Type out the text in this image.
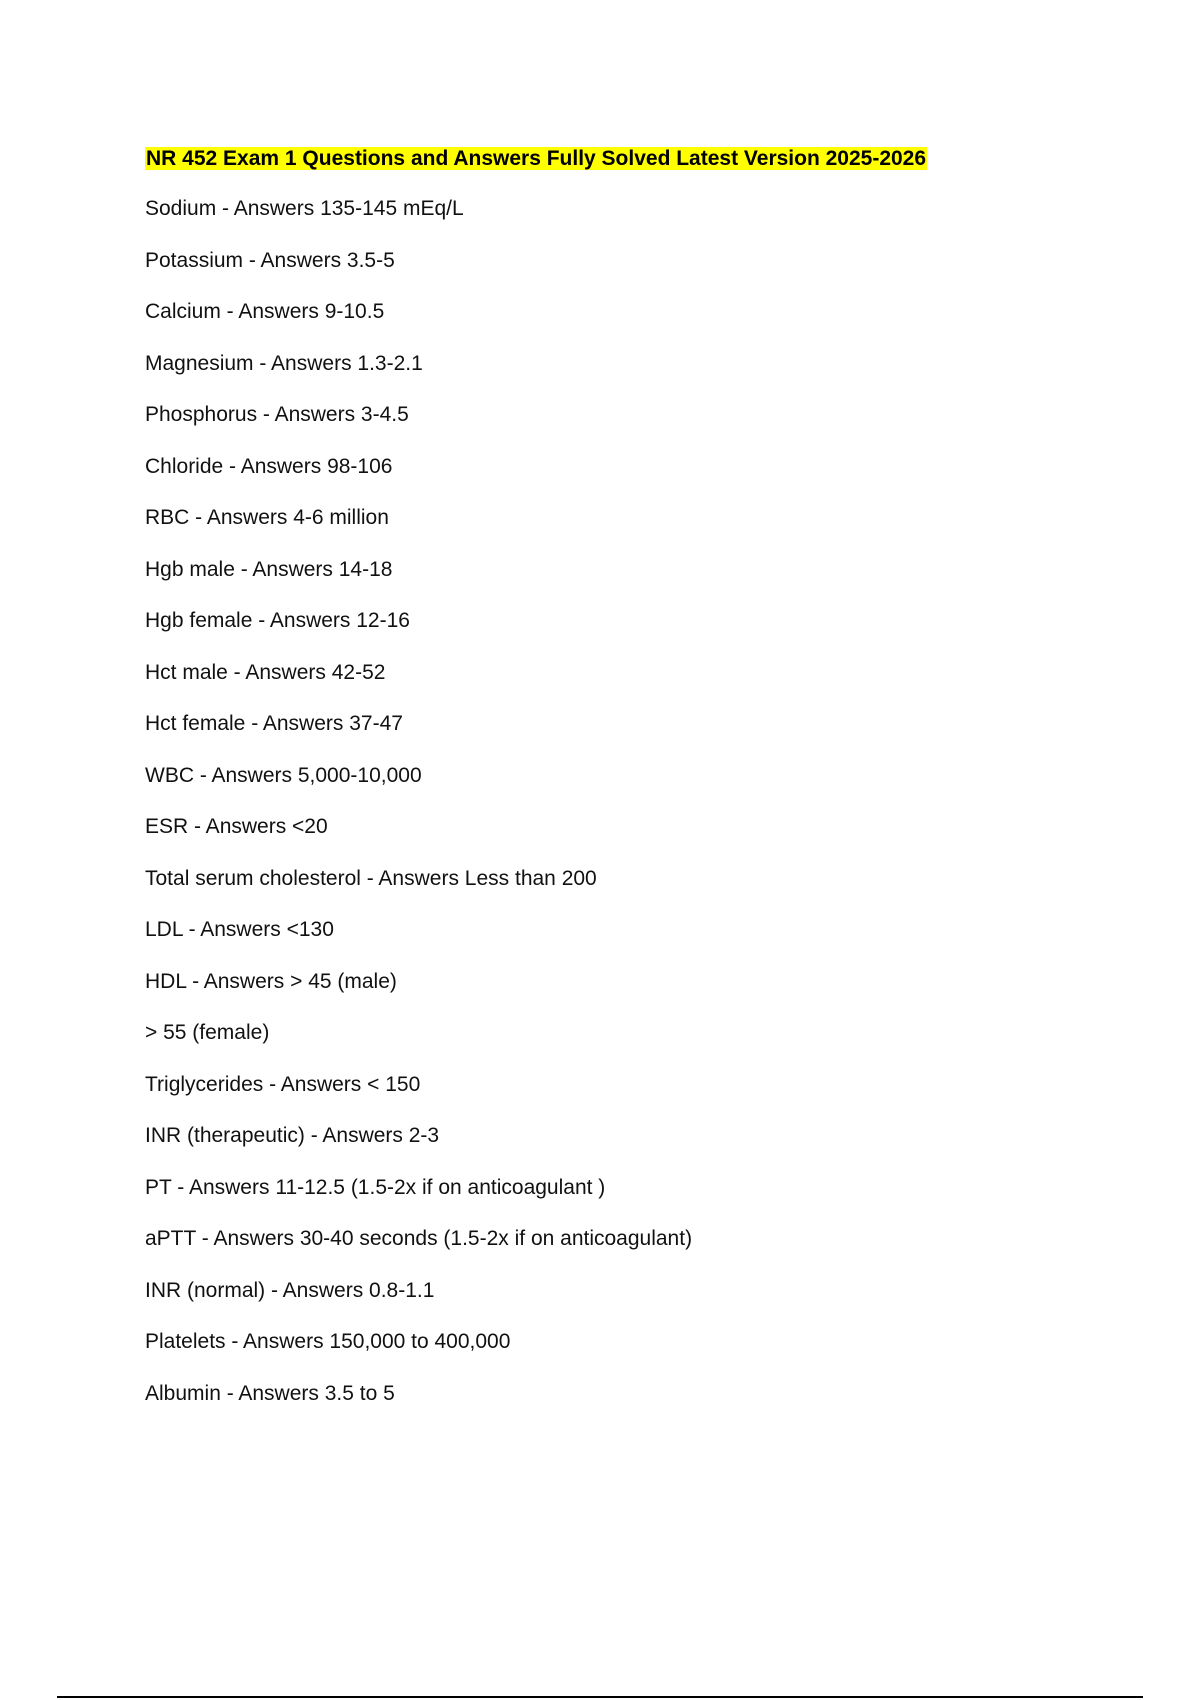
NR 452 Exam 1 Questions and Answers Fully Solved Latest Version 2025-2026
Sodium - Answers 135-145 mEq/L
Potassium - Answers 3.5-5
Calcium - Answers 9-10.5
Magnesium - Answers 1.3-2.1
Phosphorus - Answers 3-4.5
Chloride - Answers 98-106
RBC - Answers 4-6 million
Hgb male - Answers 14-18
Hgb female - Answers 12-16
Hct male - Answers 42-52
Hct female - Answers 37-47
WBC - Answers 5,000-10,000
ESR - Answers <20
Total serum cholesterol - Answers Less than 200
LDL - Answers <130
HDL - Answers > 45 (male)
> 55 (female)
Triglycerides - Answers < 150
INR (therapeutic) - Answers 2-3
PT - Answers 11-12.5 (1.5-2x if on anticoagulant )
aPTT - Answers 30-40 seconds (1.5-2x if on anticoagulant)
INR (normal) - Answers 0.8-1.1
Platelets - Answers 150,000 to 400,000
Albumin - Answers 3.5 to 5
